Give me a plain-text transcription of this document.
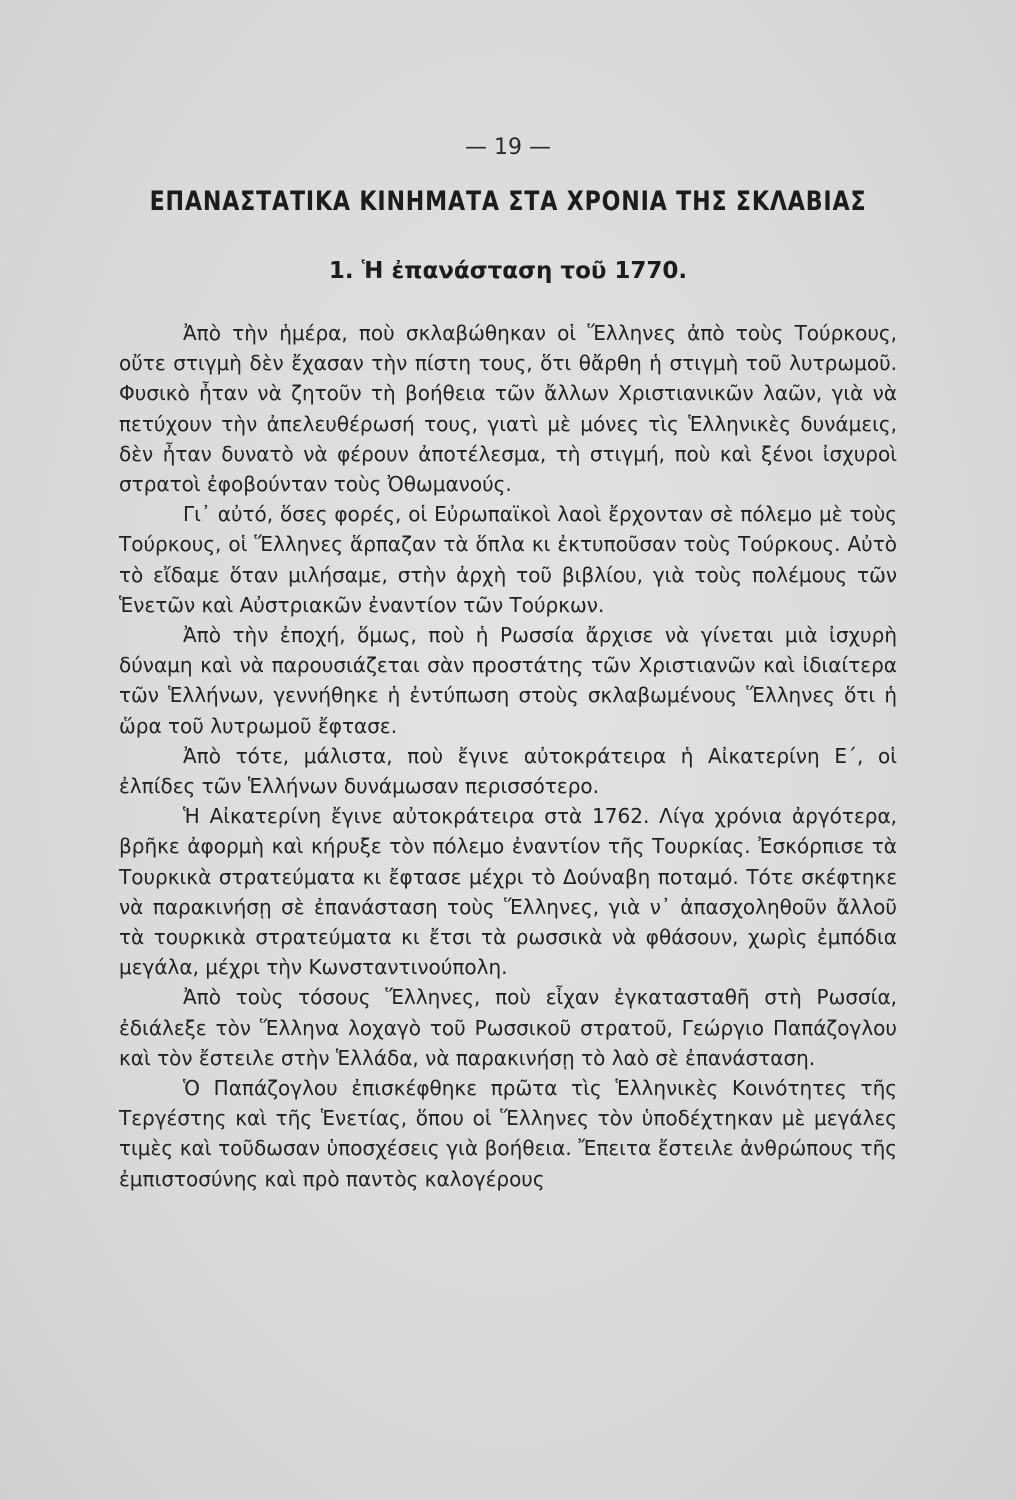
— 19 —
ΕΠΑΝΑΣΤΑΤΙΚΑ ΚΙΝΗΜΑΤΑ ΣΤΑ ΧΡΟΝΙΑ ΤΗΣ ΣΚΛΑΒΙΑΣ
1. Ἡ ἐπανάσταση τοῦ 1770.

Ἀπὸ τὴν ἡμέρα, ποὺ σκλαβώθηκαν οἱ Ἕλληνες ἀπὸ τοὺς Τούρκους, οὔτε στιγμὴ δὲν ἔχασαν τὴν πίστη τους, ὅτι θἄρθη ἡ στιγμὴ τοῦ λυτρωμοῦ. Φυσικὸ ἦταν νὰ ζητοῦν τὴ βοήθεια τῶν ἄλλων Χριστιανικῶν λαῶν, γιὰ νὰ πετύχουν τὴν ἀπελευθέρωσή τους, γιατὶ μὲ μόνες τὶς Ἑλληνικὲς δυνάμεις, δὲν ἦταν δυνατὸ νὰ φέρουν ἀποτέλεσμα, τὴ στιγμή, ποὺ καὶ ξένοι ἰσχυροὶ στρατοὶ ἐφοβούνταν τοὺς Ὀθωμανούς.

Γι᾿ αὐτό, ὅσες φορές, οἱ Εὐρωπαϊκοὶ λαοὶ ἔρχονταν σὲ πόλεμο μὲ τοὺς Τούρκους, οἱ Ἕλληνες ἅρπαζαν τὰ ὅπλα κι ἐκτυποῦσαν τοὺς Τούρκους. Αὐτὸ τὸ εἴδαμε ὅταν μιλήσαμε, στὴν ἀρχὴ τοῦ βιβλίου, γιὰ τοὺς πολέμους τῶν Ἑνετῶν καὶ Αὐστριακῶν ἐναντίον τῶν Τούρκων.

Ἀπὸ τὴν ἐποχή, ὅμως, ποὺ ἡ Ρωσσία ἄρχισε νὰ γίνεται μιὰ ἰσχυρὴ δύναμη καὶ νὰ παρουσιάζεται σὰν προστάτης τῶν Χριστιανῶν καὶ ἰδιαίτερα τῶν Ἑλλήνων, γεννήθηκε ἡ ἐντύπωση στοὺς σκλαβωμένους Ἕλληνες ὅτι ἡ ὥρα τοῦ λυτρωμοῦ ἔφτασε.

Ἀπὸ τότε, μάλιστα, ποὺ ἔγινε αὐτοκράτειρα ἡ Αἰκατερίνη Ε΄, οἱ ἐλπίδες τῶν Ἑλλήνων δυνάμωσαν περισσότερο.

Ἡ Αἰκατερίνη ἔγινε αὐτοκράτειρα στὰ 1762. Λίγα χρόνια ἀργότερα, βρῆκε ἀφορμὴ καὶ κήρυξε τὸν πόλεμο ἐναντίον τῆς Τουρκίας. Ἐσκόρπισε τὰ Τουρκικὰ στρατεύματα κι ἔφτασε μέχρι τὸ Δούναβη ποταμό. Τότε σκέφτηκε νὰ παρακινήσῃ σὲ ἐπανάσταση τοὺς Ἕλληνες, γιὰ ν᾿ ἀπασχοληθοῦν ἄλλοῦ τὰ τουρκικὰ στρατεύματα κι ἔτσι τὰ ρωσσικὰ νὰ φθάσουν, χωρὶς ἐμπόδια μεγάλα, μέχρι τὴν Κωνσταντινούπολη.

Ἀπὸ τοὺς τόσους Ἕλληνες, ποὺ εἶχαν ἐγκατασταθῆ στὴ Ρωσσία, ἐδιάλεξε τὸν Ἕλληνα λοχαγὸ τοῦ Ρωσσικοῦ στρατοῦ, Γεώργιο Παπάζογλου καὶ τὸν ἔστειλε στὴν Ἑλλάδα, νὰ παρακινήσῃ τὸ λαὸ σὲ ἐπανάσταση.

Ὁ Παπάζογλου ἐπισκέφθηκε πρῶτα τὶς Ἑλληνικὲς Κοινότητες τῆς Τεργέστης καὶ τῆς Ἑνετίας, ὅπου οἱ Ἕλληνες τὸν ὑποδέχτηκαν μὲ μεγάλες τιμὲς καὶ τοῦδωσαν ὑποσχέσεις γιὰ βοήθεια. Ἔπειτα ἔστειλε ἀνθρώπους τῆς ἐμπιστοσύνης καὶ πρὸ παντὸς καλογέρους
